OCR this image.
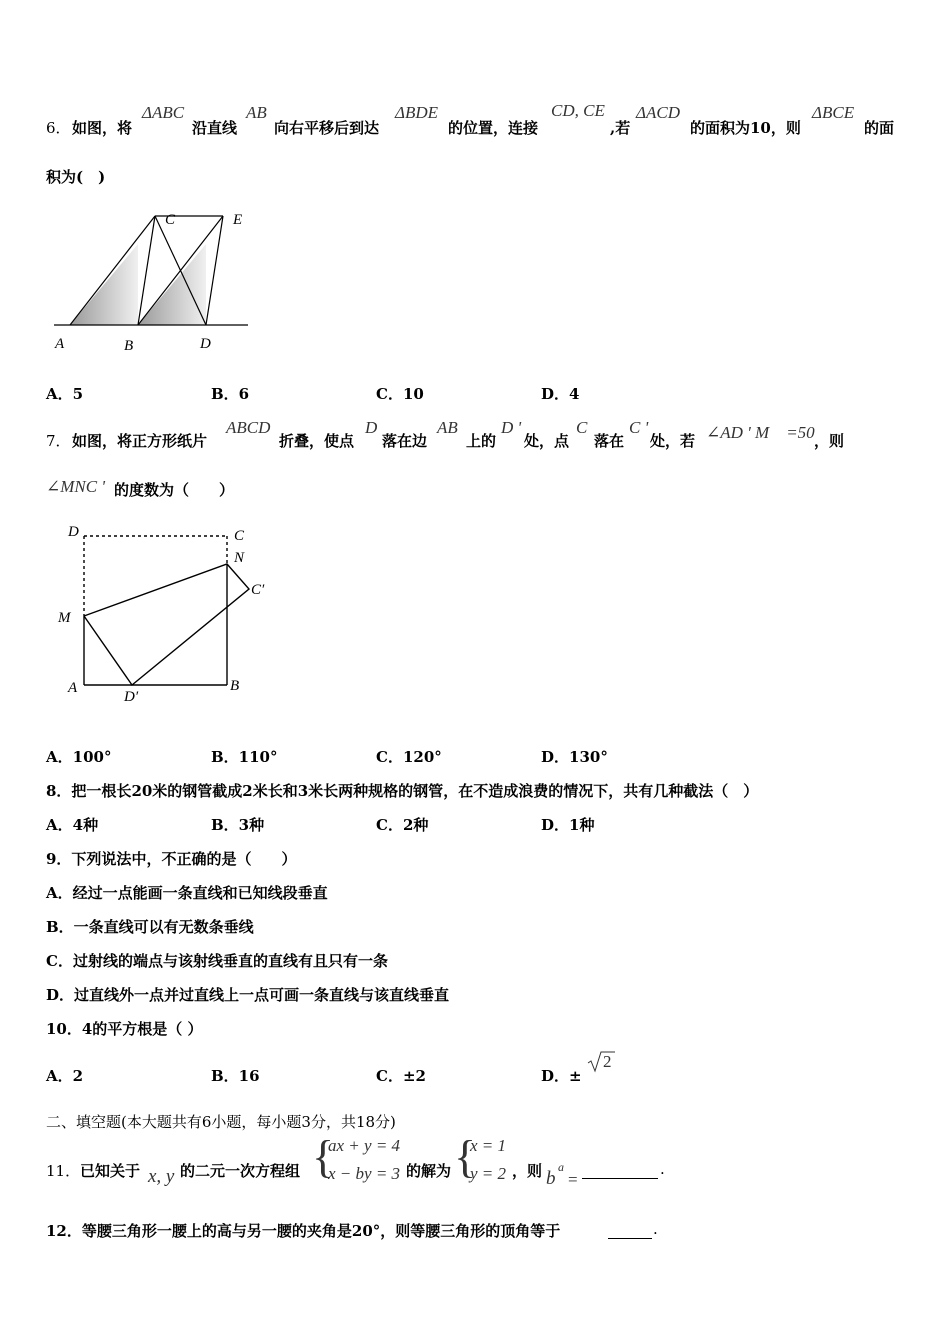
6． 如图，将
ΔABC
沿直线
AB
向右平移后到达
ΔBDE
的位置，连接
CD, CE
,若
ΔACD
的面积为10，则
ΔBCE
的面
积为(　)
A	B
C
D
E
A．5	B．6	C．10	D．4
7． 如图，将正方形纸片
ABCD
折叠，使点
D
落在边
AB
上的
D '
处，点
C
落在
C '
处，若 ∠AD ' M　=50 ，则
∠MNC ' 的度数为（　　）
D	C
N
C′
M
A
D′
B
A．100°	B．110°	C．120°	D．130°
8．把一根长20米的钢管截成2米长和3米长两种规格的钢管，在不造成浪费的情况下，共有几种截法（　）
A．4种	B．3种	C．2种	D．1种
9．下列说法中，不正确的是（　　）
A．经过一点能画一条直线和已知线段垂直
B．一条直线可以有无数条垂线
C．过射线的端点与该射线垂直的直线有且只有一条
D．过直线外一点并过直线上一点可画一条直线与该直线垂直
10．4的平方根是（ ）
A．2	B．16	C．±2	D．±
2
二、填空题(本大题共有6小题，每小题3分，共18分)
11． 已知关于 x, y 的二元一次方程组 {
ax + y = 4
x − by = 3 的解为 {
x = 1
y = 2 ，则 b
a
=
.
12．等腰三角形一腰上的高与另一腰的夹角是20°，则等腰三角形的顶角等于	.
